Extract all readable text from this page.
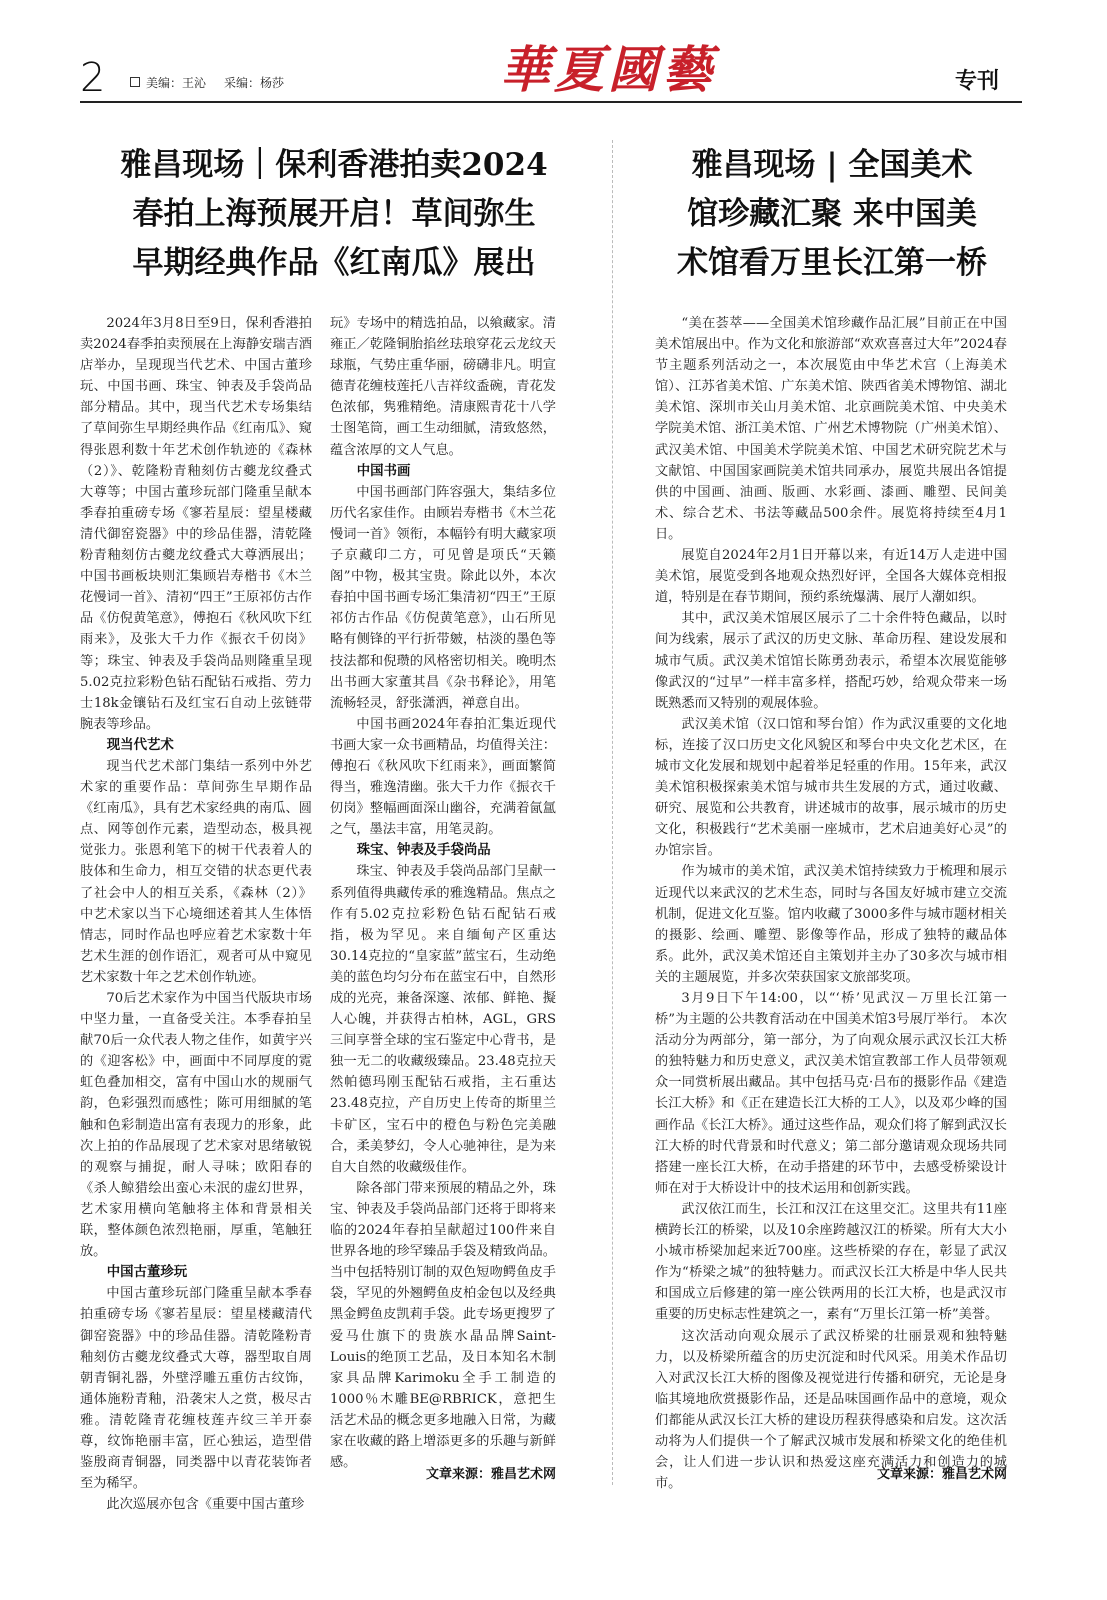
2	美编：王沁 采编：杨莎	華夏國藝	专刊
雅昌现场｜保利香港拍卖2024
春拍上海预展开启！草间弥生
早期经典作品《红南瓜》展出

2024年3月8日至9日，保利香港拍卖2024春季拍卖预展在上海静安瑞吉酒店举办，呈现现当代艺术、中国古董珍玩、中国书画、珠宝、钟表及手袋尚品部分精品。其中，现当代艺术专场集结了草间弥生早期经典作品《红南瓜》、窥得张恩利数十年艺术创作轨迹的《森林（2）》、乾隆粉青釉刻仿古夔龙纹叠式大尊等；中国古董珍玩部门隆重呈献本季春拍重磅专场《寥若星辰：望星楼藏清代御窑瓷器》中的珍品佳器，清乾隆粉青釉刻仿古夔龙纹叠式大尊洒展出；中国书画板块则汇集顾岩寿楷书《木兰花慢词一首》、清初“四王”王原祁仿古作品《仿倪黄笔意》，傅抱石《秋风吹下红雨来》，及张大千力作《振衣千仞岗》等；珠宝、钟表及手袋尚品则隆重呈现5.02克拉彩粉色钻石配钻石戒指、劳力士18k金镶钻石及红宝石自动上弦链带腕表等珍品。

现当代艺术

现当代艺术部门集结一系列中外艺术家的重要作品：草间弥生早期作品《红南瓜》，具有艺术家经典的南瓜、圆点、网等创作元素，造型动态，极具视觉张力。张恩利笔下的树干代表着人的肢体和生命力，相互交错的状态更代表了社会中人的相互关系，《森林（2）》中艺术家以当下心境细述着其人生体悟情志，同时作品也呼应着艺术家数十年艺术生涯的创作语汇，观者可从中窥见艺术家数十年之艺术创作轨迹。

70后艺术家作为中国当代版块市场中坚力量，一直备受关注。本季春拍呈献70后一众代表人物之佳作，如黄宇兴的《迎客松》中，画面中不同厚度的霓虹色叠加相交，富有中国山水的规丽气韵，色彩强烈而感性；陈可用细腻的笔触和色彩制造出富有表现力的形象，此次上拍的作品展现了艺术家对思绪敏锐的观察与捕捉，耐人寻味；欧阳春的《杀人鲸猎绘出蛮心未泯的虚幻世界，艺术家用横向笔触将主体和背景相关联，整体颜色浓烈艳丽，厚重，笔触狂放。

中国古董珍玩

中国古董珍玩部门隆重呈献本季春拍重磅专场《寥若星辰：望星楼藏清代御窑瓷器》中的珍品佳器。清乾隆粉青釉刻仿古夔龙纹叠式大尊，器型取自周朝青铜礼器，外壁浮雕五重仿古纹饰，通体施粉青釉，沿袭宋人之赏，极尽古雅。清乾隆青花缠枝莲卉纹三羊开泰尊，纹饰艳丽丰富，匠心独运，造型借鉴殷商青铜器，同类器中以青花装饰者至为稀罕。

此次巡展亦包含《重要中国古董珍

玩》专场中的精选拍品，以飨藏家。清雍正／乾隆铜胎掐丝珐琅穿花云龙纹天球瓶，气势庄重华丽，磅礴非凡。明宣德青花缠枝莲托八吉祥纹盉碗，青花发色浓郁，隽雅精绝。清康熙青花十八学士图笔筒，画工生动细腻，清致悠然，蕴含浓厚的文人气息。

中国书画

中国书画部门阵容强大，集结多位历代名家佳作。由顾岩寿楷书《木兰花慢词一首》领衔，本幅钤有明大藏家项子京藏印二方，可见曾是项氏“天籁阁”中物，极其宝贵。除此以外，本次春拍中国书画专场汇集清初“四王”王原祁仿古作品《仿倪黄笔意》，山石所见略有侧锋的平行折带皴，枯淡的墨色等技法都和倪瓒的风格密切相关。晚明杰出书画大家董其昌《杂书释论》，用笔流畅轻灵，舒张潇洒，禅意自出。

中国书画2024年春拍汇集近现代书画大家一众书画精品，均值得关注：傅抱石《秋风吹下红雨来》，画面繁简得当，雅逸清幽。张大千力作《振衣千仞岗》整幅画面深山幽谷，充满着氤氲之气，墨法丰富，用笔灵韵。

珠宝、钟表及手袋尚品

珠宝、钟表及手袋尚品部门呈献一系列值得典藏传承的雅逸精品。焦点之作有5.02克拉彩粉色钻石配钻石戒指，极为罕见。来自缅甸产区重达30.14克拉的“皇家蓝”蓝宝石，生动绝美的蓝色均匀分布在蓝宝石中，自然形成的光亮，兼备深邃、浓郁、鲜艳、擬人心魄，并获得古柏林，AGL，GRS三间享誉全球的宝石鉴定中心背书，是独一无二的收藏级臻品。23.48克拉天然帕德玛刚玉配钻石戒指，主石重达23.48克拉，产自历史上传奇的斯里兰卡矿区，宝石中的橙色与粉色完美融合，柔美梦幻，令人心驰神往，是为来自大自然的收藏级佳作。

除各部门带来预展的精品之外，珠宝、钟表及手袋尚品部门还将于即将来临的2024年春拍呈献超过100件来自世界各地的珍罕臻品手袋及精致尚品。当中包括特别订制的双色短吻鳄鱼皮手袋，罕见的外翘鳄鱼皮柏金包以及经典黑金鳄鱼皮凯莉手袋。此专场更搜罗了爱马仕旗下的贵族水晶品牌Saint-Louis的绝顶工艺品，及日本知名木制家具品牌Karimoku全手工制造的1000％木雕BE@RBRICK，意把生活艺术品的概念更多地融入日常，为藏家在收藏的路上增添更多的乐趣与新鲜感。

文章来源：雅昌艺术网
雅昌现场 | 全国美术
馆珍藏汇聚 来中国美
术馆看万里长江第一桥

“美在荟萃——全国美术馆珍藏作品汇展”目前正在中国美术馆展出中。作为文化和旅游部“欢欢喜喜过大年”2024春节主题系列活动之一，本次展览由中华艺术宫（上海美术馆）、江苏省美术馆、广东美术馆、陕西省美术博物馆、湖北美术馆、深圳市关山月美术馆、北京画院美术馆、中央美术学院美术馆、浙江美术馆、广州艺术博物院（广州美术馆）、武汉美术馆、中国美术学院美术馆、中国艺术研究院艺术与文献馆、中国国家画院美术馆共同承办，展览共展出各馆提供的中国画、油画、版画、水彩画、漆画、雕塑、民间美术、综合艺术、书法等藏品500余件。展览将持续至4月1日。

展览自2024年2月1日开幕以来，有近14万人走进中国美术馆，展览受到各地观众热烈好评，全国各大媒体竞相报道，特别是在春节期间，预约系统爆满、展厅人潮如织。

其中，武汉美术馆展区展示了二十余件特色藏品，以时间为线索，展示了武汉的历史文脉、革命历程、建设发展和城市气质。武汉美术馆馆长陈勇劲表示，希望本次展览能够像武汉的“过早”一样丰富多样，搭配巧妙，给观众带来一场既熟悉而又特别的观展体验。

武汉美术馆（汉口馆和琴台馆）作为武汉重要的文化地标，连接了汉口历史文化风貌区和琴台中央文化艺术区，在城市文化发展和规划中起着举足轻重的作用。15年来，武汉美术馆积极探索美术馆与城市共生发展的方式，通过收藏、研究、展览和公共教育，讲述城市的故事，展示城市的历史文化，积极践行“艺术美丽一座城市，艺术启迪美好心灵”的办馆宗旨。

作为城市的美术馆，武汉美术馆持续致力于梳理和展示近现代以来武汉的艺术生态，同时与各国友好城市建立交流机制，促进文化互鉴。馆内收藏了3000多件与城市题材相关的摄影、绘画、雕塑、影像等作品，形成了独特的藏品体系。此外，武汉美术馆还自主策划并主办了30多次与城市相关的主题展览，并多次荣获国家文旅部奖项。

3月9日下午14:00，以“‘桥’见武汉－万里长江第一桥”为主题的公共教育活动在中国美术馆3号展厅举行。 本次活动分为两部分，第一部分，为了向观众展示武汉长江大桥的独特魅力和历史意义，武汉美术馆宣教部工作人员带领观众一同赏析展出藏品。其中包括马克·吕布的摄影作品《建造长江大桥》和《正在建造长江大桥的工人》，以及邓少峰的国画作品《长江大桥》。通过这些作品，观众们将了解到武汉长江大桥的时代背景和时代意义；第二部分邀请观众现场共同搭建一座长江大桥，在动手搭建的环节中，去感受桥梁设计师在对于大桥设计中的技术运用和创新实践。

武汉依江而生，长江和汉江在这里交汇。这里共有11座横跨长江的桥梁，以及10余座跨越汉江的桥梁。所有大大小小城市桥梁加起来近700座。这些桥梁的存在，彰显了武汉作为“桥梁之城”的独特魅力。而武汉长江大桥是中华人民共和国成立后修建的第一座公铁两用的长江大桥，也是武汉市重要的历史标志性建筑之一，素有“万里长江第一桥”美誉。

这次活动向观众展示了武汉桥梁的壮丽景观和独特魅力，以及桥梁所蕴含的历史沉淀和时代风采。用美术作品切入对武汉长江大桥的图像及视觉进行传播和研究，无论是身临其境地欣赏摄影作品，还是品味国画作品中的意境，观众们都能从武汉长江大桥的建设历程获得感染和启发。这次活动将为人们提供一个了解武汉城市发展和桥梁文化的绝佳机会，让人们进一步认识和热爱这座充满活力和创造力的城市。

文章来源：雅昌艺术网
